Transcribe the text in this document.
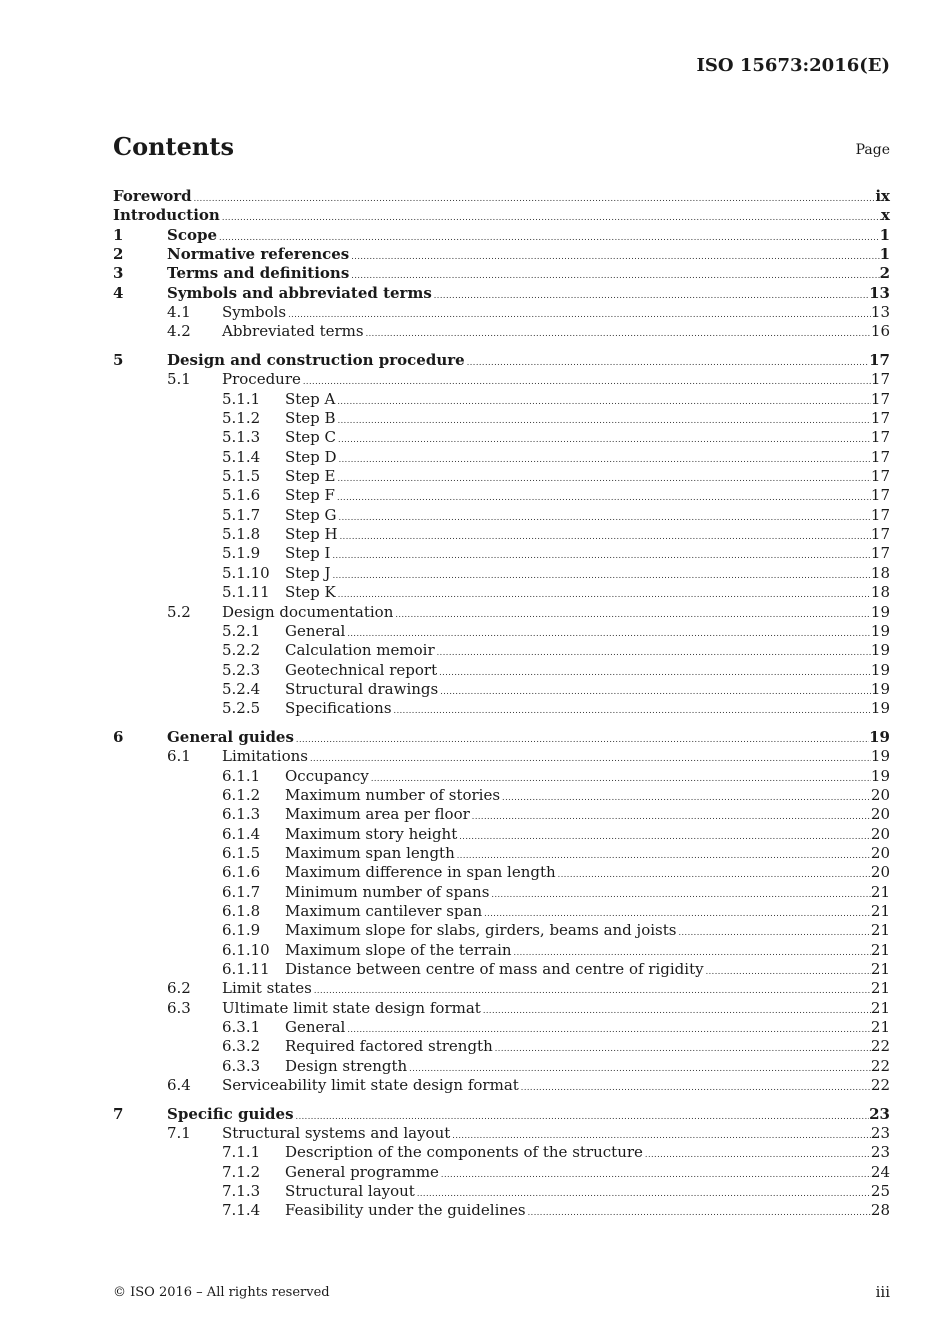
ISO 15673:2016(E)
Contents	Page
Foreword .....	ix
Introduction .....	x
1	Scope .....	1
2	Normative references .....	1
3	Terms and definitions .....	2
4	Symbols and abbreviated terms .....	13
4.1	Symbols .....	13
4.2	Abbreviated terms .....	16
5	Design and construction procedure .....	17
5.1	Procedure .....	17
5.1.1	Step A .....	17
5.1.2	Step B .....	17
5.1.3	Step C .....	17
5.1.4	Step D .....	17
5.1.5	Step E .....	17
5.1.6	Step F .....	17
5.1.7	Step G .....	17
5.1.8	Step H .....	17
5.1.9	Step I .....	17
5.1.10	Step J .....	18
5.1.11	Step K .....	18
5.2	Design documentation .....	19
5.2.1	General .....	19
5.2.2	Calculation memoir .....	19
5.2.3	Geotechnical report .....	19
5.2.4	Structural drawings .....	19
5.2.5	Specifications .....	19
6	General guides .....	19
6.1	Limitations .....	19
6.1.1	Occupancy .....	19
6.1.2	Maximum number of stories .....	20
6.1.3	Maximum area per floor .....	20
6.1.4	Maximum story height .....	20
6.1.5	Maximum span length .....	20
6.1.6	Maximum difference in span length .....	20
6.1.7	Minimum number of spans .....	21
6.1.8	Maximum cantilever span .....	21
6.1.9	Maximum slope for slabs, girders, beams and joists .....	21
6.1.10	Maximum slope of the terrain .....	21
6.1.11	Distance between centre of mass and centre of rigidity .....	21
6.2	Limit states .....	21
6.3	Ultimate limit state design format .....	21
6.3.1	General .....	21
6.3.2	Required factored strength .....	22
6.3.3	Design strength .....	22
6.4	Serviceability limit state design format .....	22
7	Specific guides .....	23
7.1	Structural systems and layout .....	23
7.1.1	Description of the components of the structure .....	23
7.1.2	General programme .....	24
7.1.3	Structural layout .....	25
7.1.4	Feasibility under the guidelines .....	28
© ISO 2016 – All rights reserved	iii
